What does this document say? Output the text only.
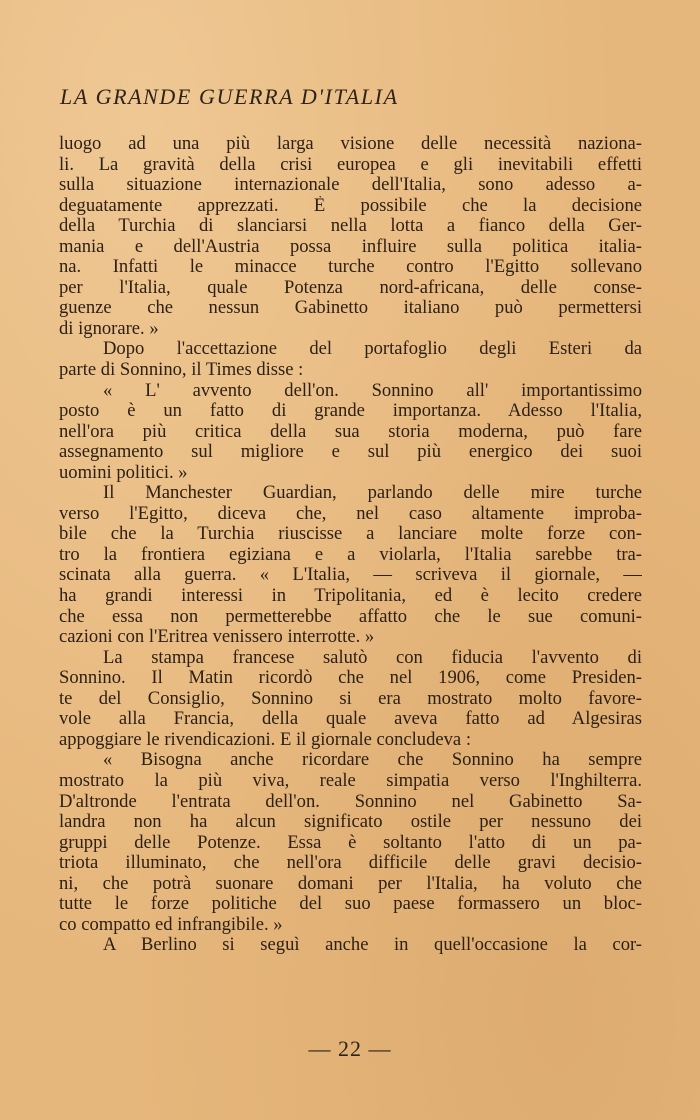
LA GRANDE GUERRA D'ITALIA
luogo ad una più larga visione delle necessità naziona-
li. La gravità della crisi europea e gli inevitabili effetti
sulla situazione internazionale dell'Italia, sono adesso a-
deguatamente apprezzati. È possibile che la decisione
della Turchia di slanciarsi nella lotta a fianco della Ger-
mania e dell'Austria possa influire sulla politica italia-
na. Infatti le minacce turche contro l'Egitto sollevano
per l'Italia, quale Potenza nord-africana, delle conse-
guenze che nessun Gabinetto italiano può permettersi
di ignorare. »
Dopo l'accettazione del portafoglio degli Esteri da
parte di Sonnino, il Times disse :
« L' avvento dell'on. Sonnino all' importantissimo
posto è un fatto di grande importanza. Adesso l'Italia,
nell'ora più critica della sua storia moderna, può fare
assegnamento sul migliore e sul più energico dei suoi
uomini politici. »
Il Manchester Guardian, parlando delle mire turche
verso l'Egitto, diceva che, nel caso altamente improba-
bile che la Turchia riuscisse a lanciare molte forze con-
tro la frontiera egiziana e a violarla, l'Italia sarebbe tra-
scinata alla guerra. « L'Italia, — scriveva il giornale, —
ha grandi interessi in Tripolitania, ed è lecito credere
che essa non permetterebbe affatto che le sue comuni-
cazioni con l'Eritrea venissero interrotte. »
La stampa francese salutò con fiducia l'avvento di
Sonnino. Il Matin ricordò che nel 1906, come Presiden-
te del Consiglio, Sonnino si era mostrato molto favore-
vole alla Francia, della quale aveva fatto ad Algesiras
appoggiare le rivendicazioni. E il giornale concludeva :
« Bisogna anche ricordare che Sonnino ha sempre
mostrato la più viva, reale simpatia verso l'Inghilterra.
D'altronde l'entrata dell'on. Sonnino nel Gabinetto Sa-
landra non ha alcun significato ostile per nessuno dei
gruppi delle Potenze. Essa è soltanto l'atto di un pa-
triota illuminato, che nell'ora difficile delle gravi decisio-
ni, che potrà suonare domani per l'Italia, ha voluto che
tutte le forze politiche del suo paese formassero un bloc-
co compatto ed infrangibile. »
A Berlino si seguì anche in quell'occasione la cor-
— 22 —
